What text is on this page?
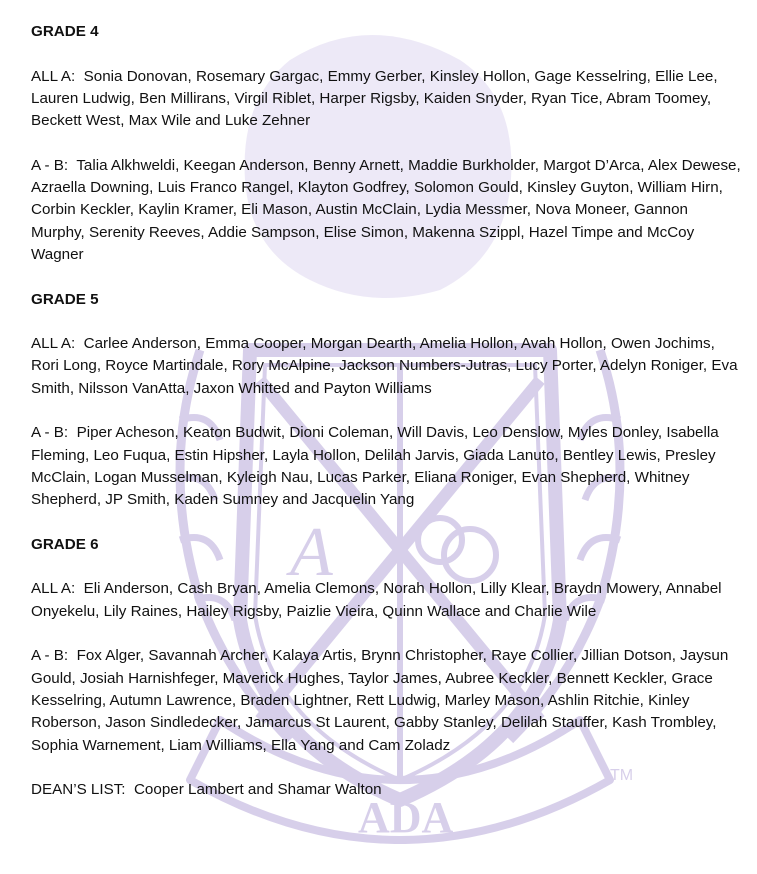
A
ADA
TM
GRADE 4
ALL A:  Sonia Donovan, Rosemary Gargac, Emmy Gerber, Kinsley Hollon, Gage Kesselring, Ellie Lee, Lauren Ludwig, Ben Millirans, Virgil Riblet, Harper Rigsby, Kaiden Snyder, Ryan Tice, Abram Toomey, Beckett West, Max Wile and Luke Zehner
A - B:  Talia Alkhweldi, Keegan Anderson, Benny Arnett, Maddie Burkholder, Margot D’Arca, Alex Dewese, Azraella Downing, Luis Franco Rangel, Klayton Godfrey, Solomon Gould, Kinsley Guyton, William Hirn, Corbin Keckler, Kaylin Kramer, Eli Mason, Austin McClain, Lydia Messmer, Nova Moneer, Gannon Murphy, Serenity Reeves, Addie Sampson, Elise Simon, Makenna Szippl, Hazel Timpe and McCoy Wagner
GRADE 5
ALL A:  Carlee Anderson, Emma Cooper, Morgan Dearth, Amelia Hollon, Avah Hollon, Owen Jochims, Rori Long, Royce Martindale, Rory McAlpine, Jackson Numbers-Jutras, Lucy Porter, Adelyn Roniger, Eva Smith, Nilsson VanAtta, Jaxon Whitted and Payton Williams
A - B:  Piper Acheson, Keaton Budwit, Dioni Coleman, Will Davis, Leo Denslow, Myles Donley, Isabella Fleming, Leo Fuqua, Estin Hipsher, Layla Hollon, Delilah Jarvis, Giada Lanuto, Bentley Lewis, Presley McClain, Logan Musselman, Kyleigh Nau, Lucas Parker, Eliana Roniger, Evan Shepherd, Whitney Shepherd, JP Smith, Kaden Sumney and Jacquelin Yang
GRADE 6
ALL A:  Eli Anderson, Cash Bryan, Amelia Clemons, Norah Hollon, Lilly Klear, Braydn Mowery, Annabel Onyekelu, Lily Raines, Hailey Rigsby, Paizlie Vieira, Quinn Wallace and Charlie Wile
A - B:  Fox Alger, Savannah Archer, Kalaya Artis, Brynn Christopher, Raye Collier, Jillian Dotson, Jaysun Gould, Josiah Harnishfeger, Maverick Hughes, Taylor James, Aubree Keckler, Bennett Keckler, Grace Kesselring, Autumn Lawrence, Braden Lightner, Rett Ludwig, Marley Mason, Ashlin Ritchie, Kinley Roberson, Jason Sindledecker, Jamarcus St Laurent, Gabby Stanley, Delilah Stauffer, Kash Trombley, Sophia Warnement, Liam Williams, Ella Yang and Cam Zoladz
DEAN’S LIST:  Cooper Lambert and Shamar Walton
